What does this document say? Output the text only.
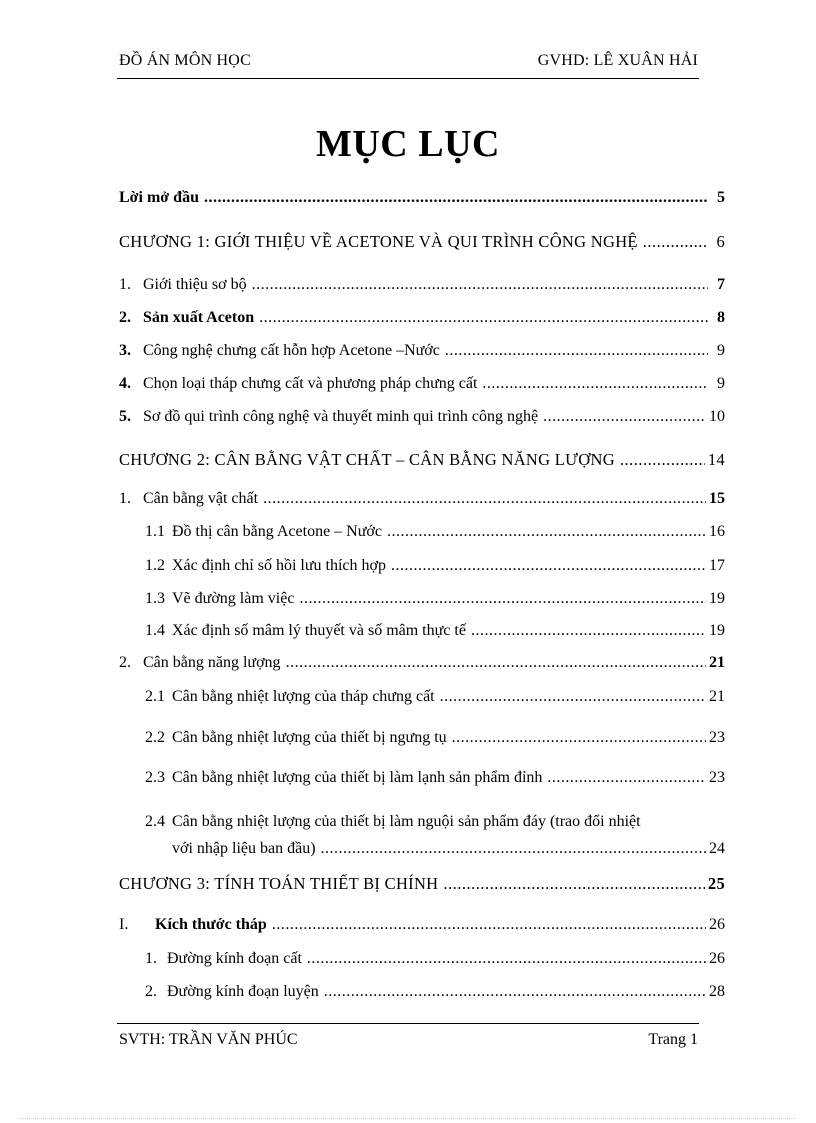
ĐỒ ÁN MÔN HỌC	GVHD: LÊ XUÂN HẢI
MỤC LỤC
Lời mở đầu .....	5
CHƯƠNG 1: GIỚI THIỆU VỀ ACETONE VÀ QUI TRÌNH CÔNG NGHỆ .....	6
1. Giới thiệu sơ bộ .....	7
2. Sản xuất Aceton .....	8
3. Công nghệ chưng cất hỗn hợp Acetone –Nước .....	9
4. Chọn loại tháp chưng cất và phương pháp chưng cất .....	9
5. Sơ đồ qui trình công nghệ và thuyết minh qui trình công nghệ .....	10
CHƯƠNG 2: CÂN BẰNG VẬT CHẤT – CÂN BẰNG NĂNG LƯỢNG .....	14
1. Cân bằng vật chất .....	15
1.1 Đồ thị cân bằng Acetone – Nước .....	16
1.2 Xác định chỉ số hồi lưu thích hợp .....	17
1.3 Vẽ đường làm việc .....	19
1.4 Xác định số mâm lý thuyết và số mâm thực tế .....	19
2. Cân bằng năng lượng .....	21
2.1 Cân bằng nhiệt lượng của tháp chưng cất .....	21
2.2 Cân bằng nhiệt lượng của thiết bị ngưng tụ .....	23
2.3 Cân bằng nhiệt lượng của thiết bị làm lạnh sản phẩm đỉnh .....	23
2.4 Cân bằng nhiệt lượng của thiết bị làm nguội sản phẩm đáy (trao đổi nhiệt
với nhập liệu ban đầu) .....	24
CHƯƠNG 3: TÍNH TOÁN THIẾT BỊ CHÍNH .....	25
I.	Kích thước tháp .....	26
1. Đường kính đoạn cất .....	26
2. Đường kính đoạn luyện .....	28
SVTH: TRẦN VĂN PHÚC	Trang 1
